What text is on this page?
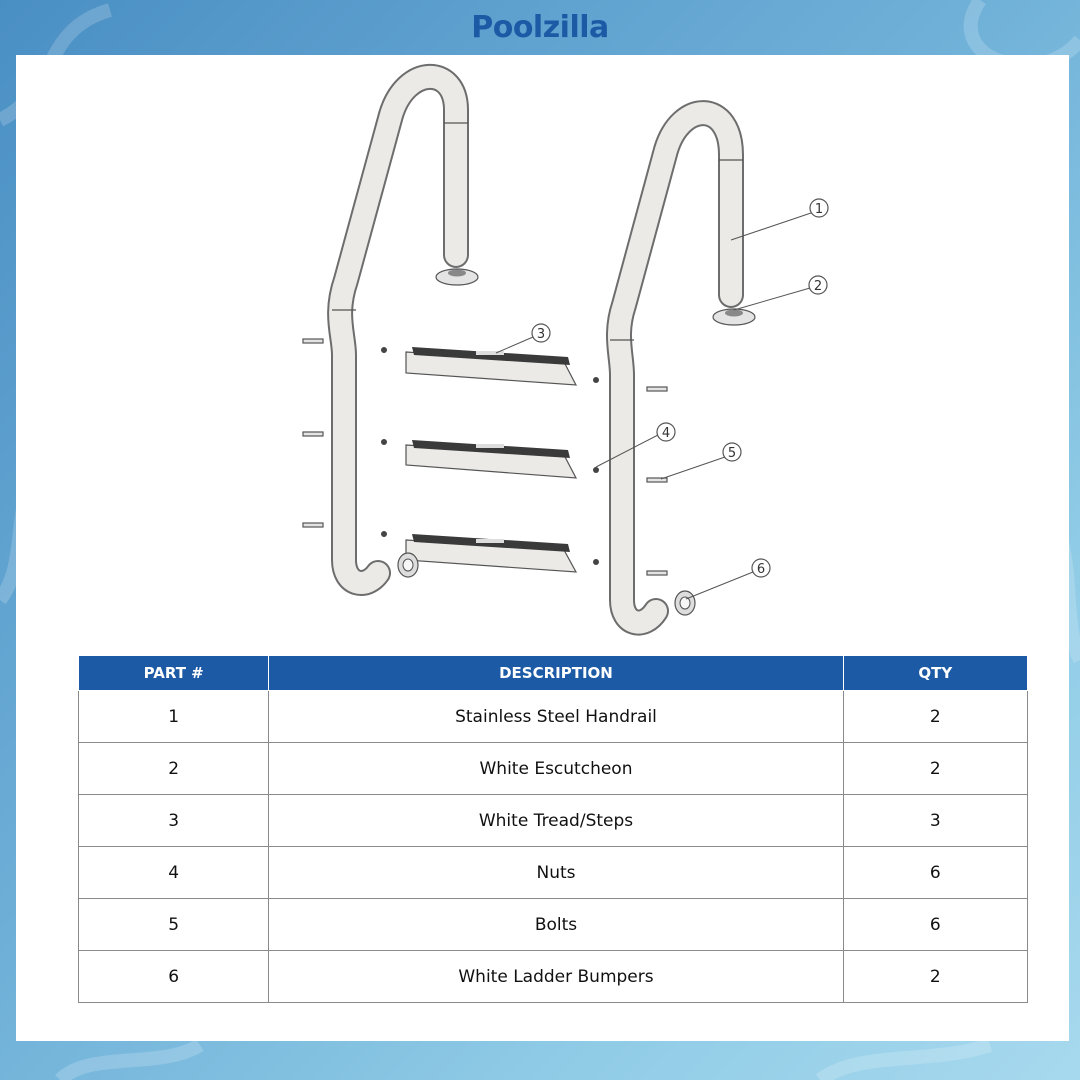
Poolzilla
1
2
3
4
5
6
PART #	DESCRIPTION	QTY
1	Stainless Steel Handrail	2
2	White Escutcheon	2
3	White Tread/Steps	3
4	Nuts	6
5	Bolts	6
6	White Ladder Bumpers	2
